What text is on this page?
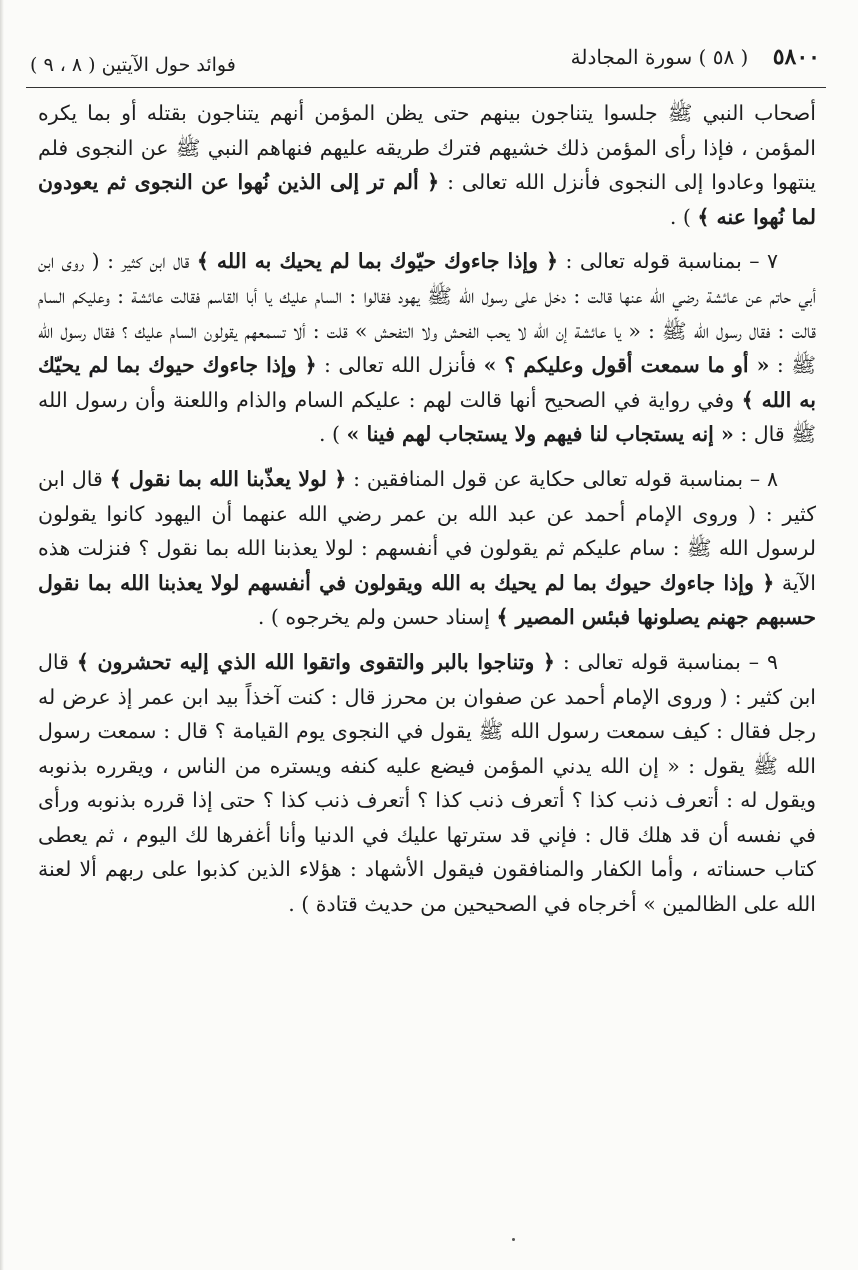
٥٨٠٠ ( ٥٨ ) سورة المجادلة
فوائد حول الآيتين ( ٨ ، ٩ )

أصحاب النبي ﷺ جلسوا يتناجون بينهم حتى يظن المؤمن أنهم يتناجون بقتله أو بما يكره المؤمن ، فإذا رأى المؤمن ذلك خشيهم فترك طريقه عليهم فنهاهم النبي ﷺ عن النجوى فلم ينتهوا وعادوا إلى النجوى فأنزل الله تعالى : ﴿ ألم تر إلى الذين نُهوا عن النجوى ثم يعودون لما نُهوا عنه ﴾ ) .

٧ – بمناسبة قوله تعالى : ﴿ وإذا جاءوك حيّوك بما لم يحيك به الله ﴾ قال ابن كثير : ( روى ابن أبي حاتم عن عائشة رضي الله عنها قالت : دخل على رسول الله ﷺ يهود فقالوا : السام عليك يا أبا القاسم فقالت عائشة : وعليكم السام قالت : فقال رسول الله ﷺ : « يا عائشة إن الله لا يحب الفحش ولا التفحش » قلت : ألا تسمعهم يقولون السام عليك ؟ فقال رسول الله ﷺ : « أو ما سمعت أقول وعليكم ؟ » فأنزل الله تعالى : ﴿ وإذا جاءوك حيوك بما لم يحيّك به الله ﴾ وفي رواية في الصحيح أنها قالت لهم : عليكم السام والذام واللعنة وأن رسول الله ﷺ قال : « إنه يستجاب لنا فيهم ولا يستجاب لهم فينا » ) .

٨ – بمناسبة قوله تعالى حكاية عن قول المنافقين : ﴿ لولا يعذّبنا الله بما نقول ﴾ قال ابن كثير : ( وروى الإمام أحمد عن عبد الله بن عمر رضي الله عنهما أن اليهود كانوا يقولون لرسول الله ﷺ : سام عليكم ثم يقولون في أنفسهم : لولا يعذبنا الله بما نقول ؟ فنزلت هذه الآية ﴿ وإذا جاءوك حيوك بما لم يحيك به الله ويقولون في أنفسهم لولا يعذبنا الله بما نقول حسبهم جهنم يصلونها فبئس المصير ﴾ إسناد حسن ولم يخرجوه ) .

٩ – بمناسبة قوله تعالى : ﴿ وتناجوا بالبر والتقوى واتقوا الله الذي إليه تحشرون ﴾ قال ابن كثير : ( وروى الإمام أحمد عن صفوان بن محرز قال : كنت آخذاً بيد ابن عمر إذ عرض له رجل فقال : كيف سمعت رسول الله ﷺ يقول في النجوى يوم القيامة ؟ قال : سمعت رسول الله ﷺ يقول : « إن الله يدني المؤمن فيضع عليه كنفه ويستره من الناس ، ويقرره بذنوبه ويقول له : أتعرف ذنب كذا ؟ أتعرف ذنب كذا ؟ أتعرف ذنب كذا ؟ حتى إذا قرره بذنوبه ورأى في نفسه أن قد هلك قال : فإني قد سترتها عليك في الدنيا وأنا أغفرها لك اليوم ، ثم يعطى كتاب حسناته ، وأما الكفار والمنافقون فيقول الأشهاد : هؤلاء الذين كذبوا على ربهم ألا لعنة الله على الظالمين » أخرجاه في الصحيحين من حديث قتادة ) .
